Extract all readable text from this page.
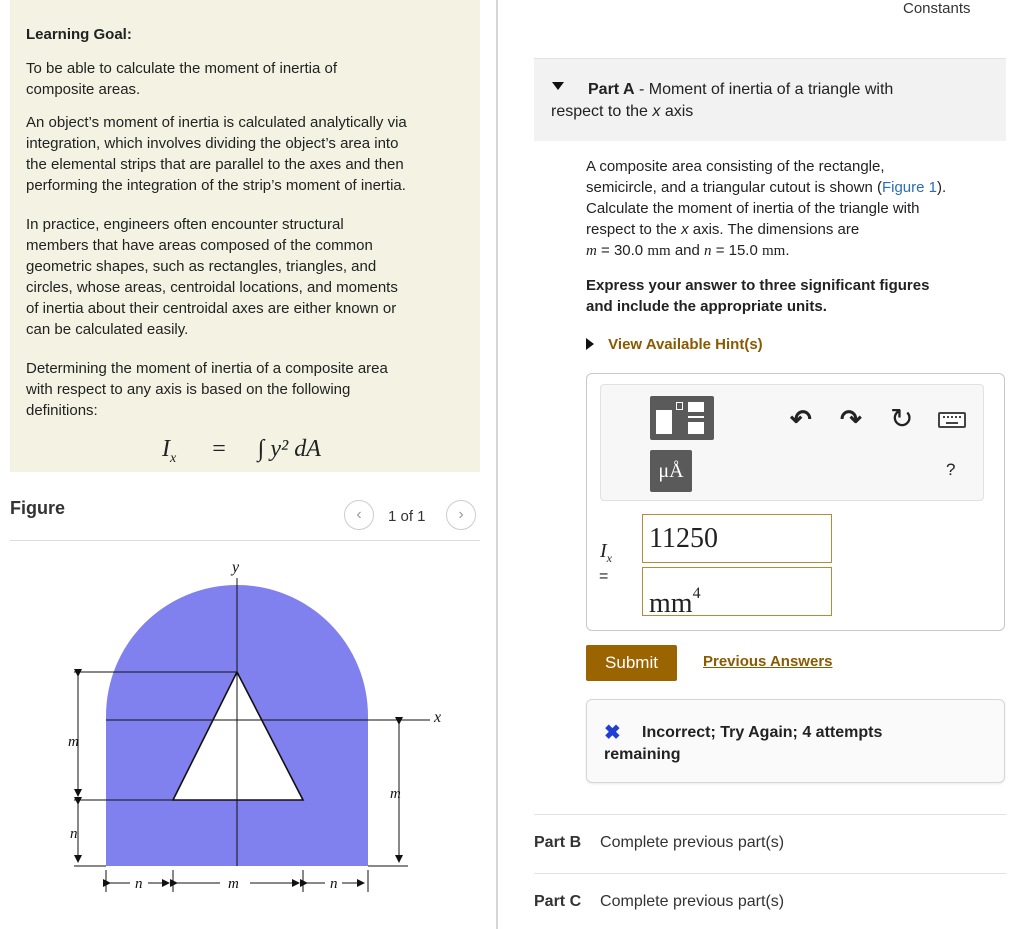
Constants
Learning Goal:
To be able to calculate the moment of inertia of
composite areas.
An object’s moment of inertia is calculated analytically via
integration, which involves dividing the object’s area into
the elemental strips that are parallel to the axes and then
performing the integration of the strip’s moment of inertia.
In practice, engineers often encounter structural
members that have areas composed of the common
geometric shapes, such as rectangles, triangles, and
circles, whose areas, centroidal locations, and moments
of inertia about their centroidal axes are either known or
can be calculated easily.
Determining the moment of inertia of a composite area
with respect to any axis is based on the following
definitions:
$I_x$ = ∫ y² dA
Figure	‹	1 of 1	›
y
x
m
n
m
n	m	n
Part A - Moment of inertia of a triangle with
respect to the x axis
A composite area consisting of the rectangle,
semicircle, and a triangular cutout is shown (Figure 1).
Calculate the moment of inertia of the triangle with
respect to the x axis. The dimensions are
m = 30.0 mm and n = 15.0 mm.
Express your answer to three significant figures
and include the appropriate units.
View Available Hint(s)
μÅ
↶ ↷ ↻
?
$I_x$
=
11250
$mm^4$
Submit	Previous Answers
✖ Incorrect; Try Again; 4 attempts
remaining
Part B Complete previous part(s)
Part C Complete previous part(s)
